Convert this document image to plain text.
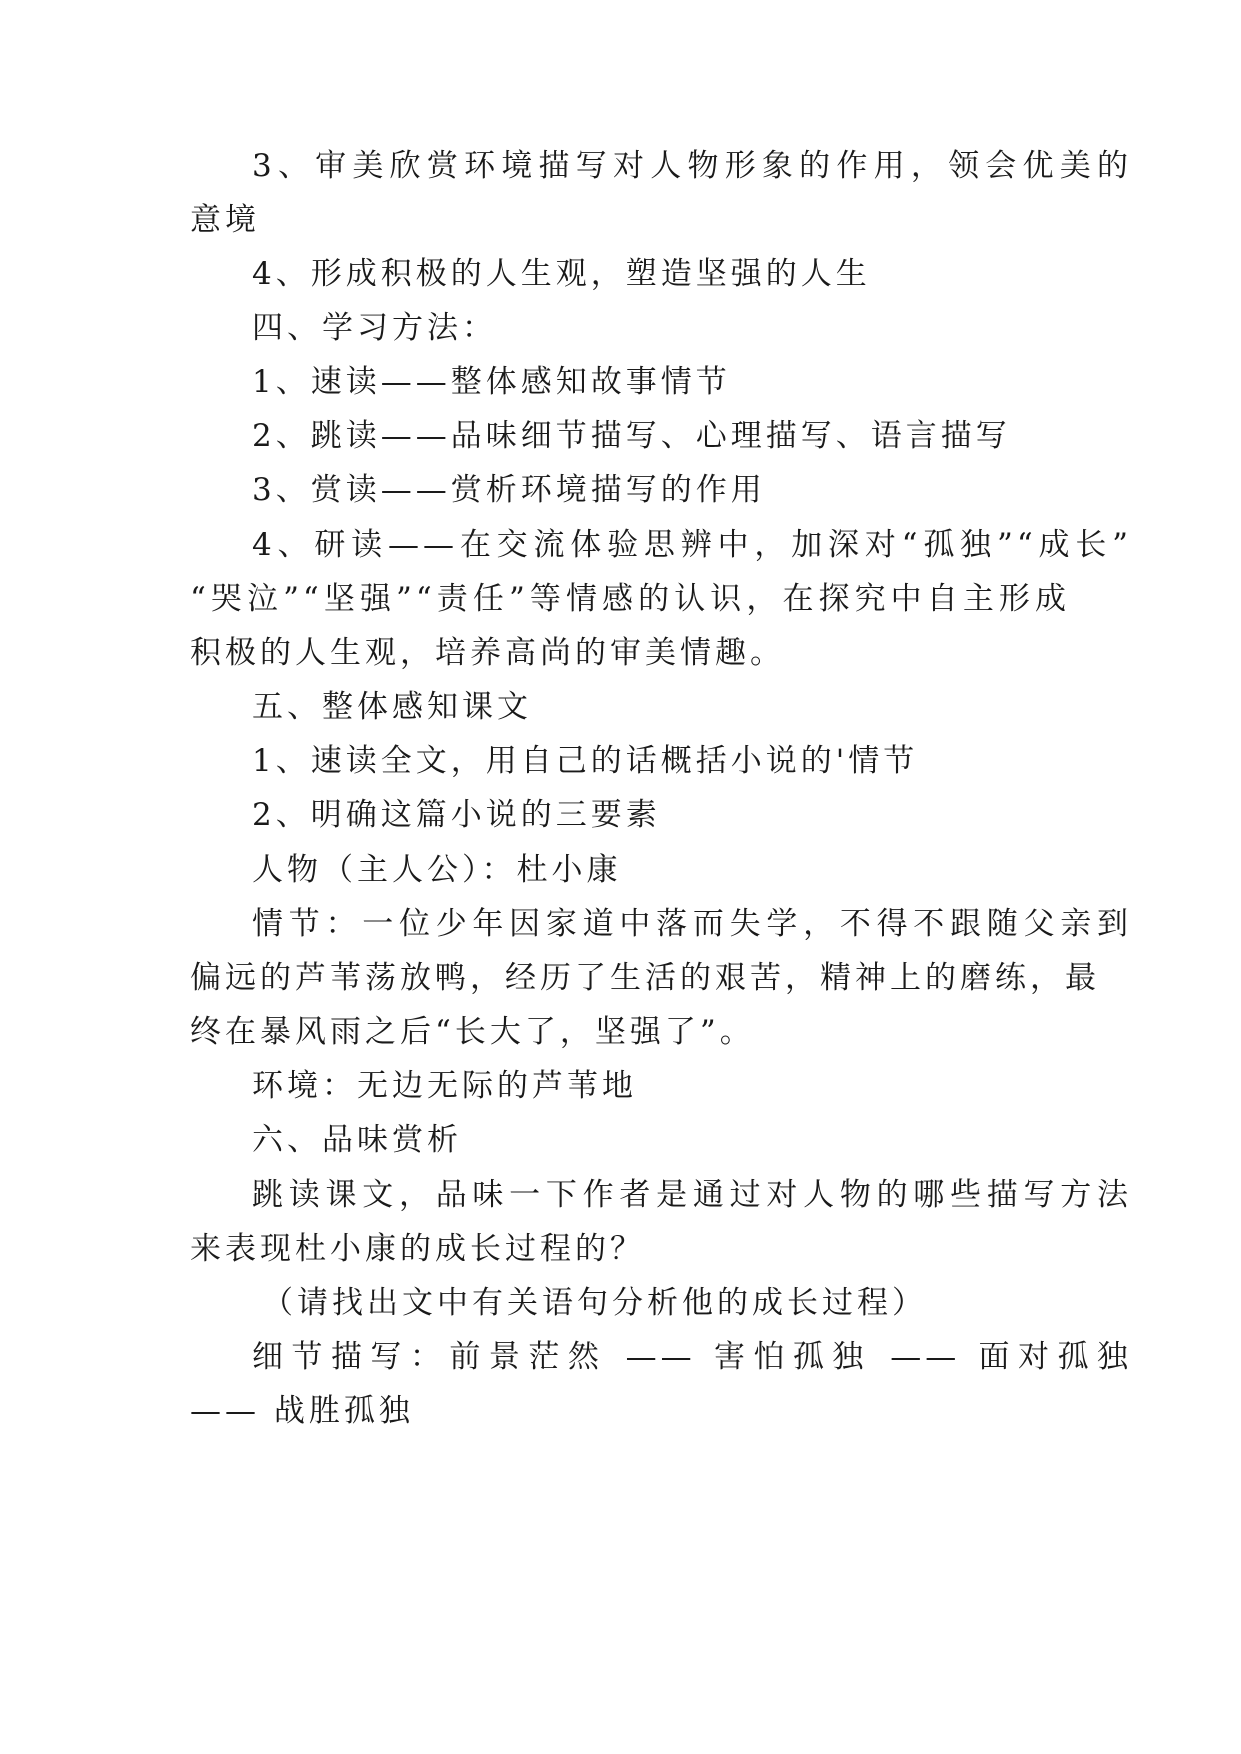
3、审美欣赏环境描写对人物形象的作用，领会优美的
意境
4、形成积极的人生观，塑造坚强的人生
四、学习方法：
1、速读——整体感知故事情节
2、跳读——品味细节描写、心理描写、语言描写
3、赏读——赏析环境描写的作用
4、研读——在交流体验思辨中，加深对“孤独”“成长”
“哭泣”“坚强”“责任”等情感的认识，在探究中自主形成
积极的人生观，培养高尚的审美情趣。
五、整体感知课文
1、速读全文，用自己的话概括小说的'情节
2、明确这篇小说的三要素
人物（主人公）：杜小康
情节：一位少年因家道中落而失学，不得不跟随父亲到
偏远的芦苇荡放鸭，经历了生活的艰苦，精神上的磨练，最
终在暴风雨之后“长大了，坚强了”。
环境：无边无际的芦苇地
六、品味赏析
跳读课文，品味一下作者是通过对人物的哪些描写方法
来表现杜小康的成长过程的？
（请找出文中有关语句分析他的成长过程）
细节描写：前景茫然 —— 害怕孤独 —— 面对孤独
—— 战胜孤独
